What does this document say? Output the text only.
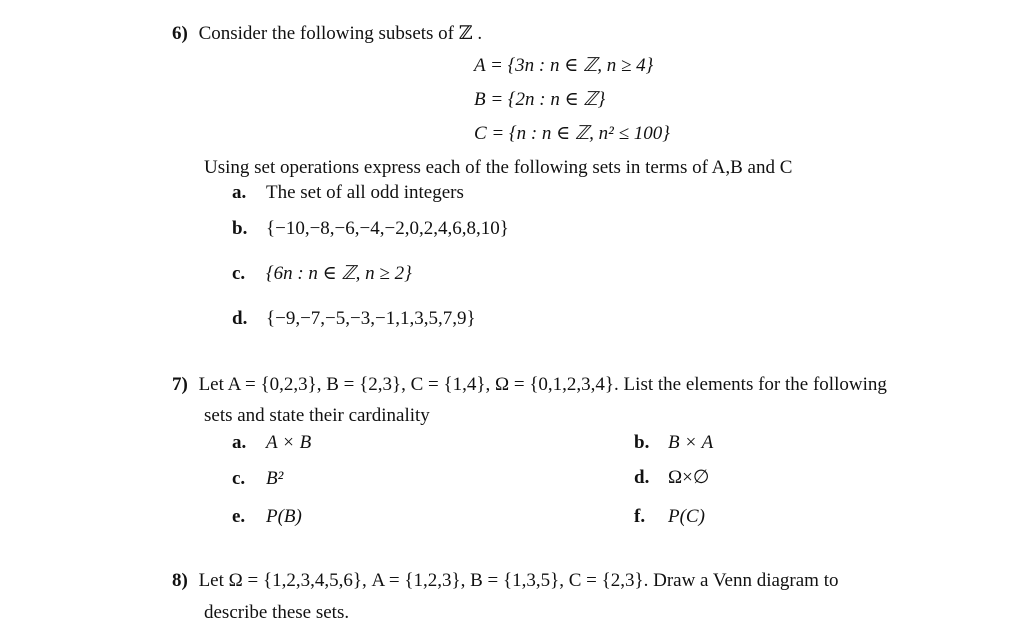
6) Consider the following subsets of ℤ .
A = {3n : n ∈ ℤ, n ≥ 4}
B = {2n : n ∈ ℤ}
C = {n : n ∈ ℤ, n² ≤ 100}
Using set operations express each of the following sets in terms of A,B and C
a. The set of all odd integers
b. {−10,−8,−6,−4,−2,0,2,4,6,8,10}
c. {6n : n ∈ ℤ, n ≥ 2}
d. {−9,−7,−5,−3,−1,1,3,5,7,9}
7) Let A = {0,2,3}, B = {2,3}, C = {1,4}, Ω = {0,1,2,3,4}. List the elements for the following
sets and state their cardinality
a. A × B	b. B × A
c. B²	d. Ω×∅
e. P(B)	f. P(C)
8) Let Ω = {1,2,3,4,5,6}, A = {1,2,3}, B = {1,3,5}, C = {2,3}. Draw a Venn diagram to
describe these sets.
